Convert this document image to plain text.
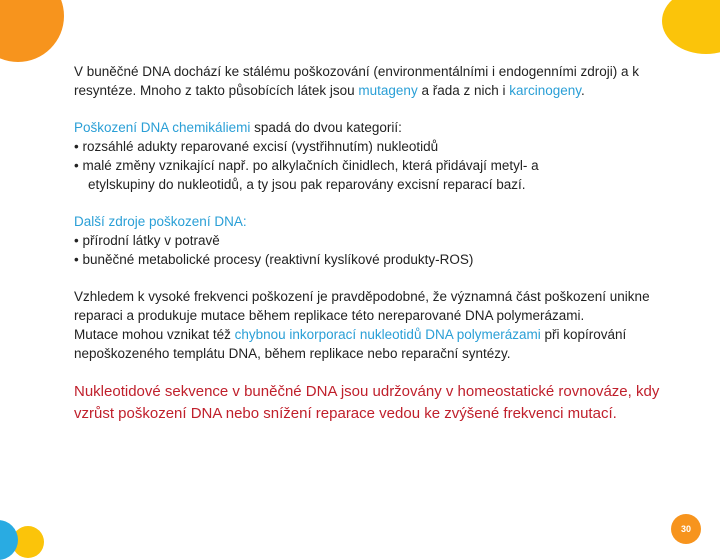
V buněčné DNA dochází ke stálému poškozování (environmentálními i endogenními zdroji) a k resyntéze. Mnoho z takto působících látek jsou mutageny a řada z nich i karcinogeny.

Poškození DNA chemikáliemi spadá do dvou kategorií:
• rozsáhlé adukty reparované excisí (vystřihnutím) nukleotidů
• malé změny vznikající např. po alkylačních činidlech, která přidávají metyl- a
etylskupiny do nukleotidů, a ty jsou pak reparovány excisní reparací bazí.

Další zdroje poškození DNA:
• přírodní látky v potravě
• buněčné metabolické procesy (reaktivní kyslíkové produkty-ROS)

Vzhledem k vysoké frekvenci poškození je pravděpodobné, že významná část poškození unikne reparaci a produkuje mutace během replikace této nereparované DNA polymerázami.
Mutace mohou vznikat též chybnou inkorporací nukleotidů DNA polymerázami při kopírování nepoškozeného templátu DNA, během replikace nebo reparační syntézy.

Nukleotidové sekvence v buněčné DNA jsou udržovány v homeostatické rovnováze, kdy vzrůst poškození DNA nebo snížení reparace vedou ke zvýšené frekvenci mutací.

30
